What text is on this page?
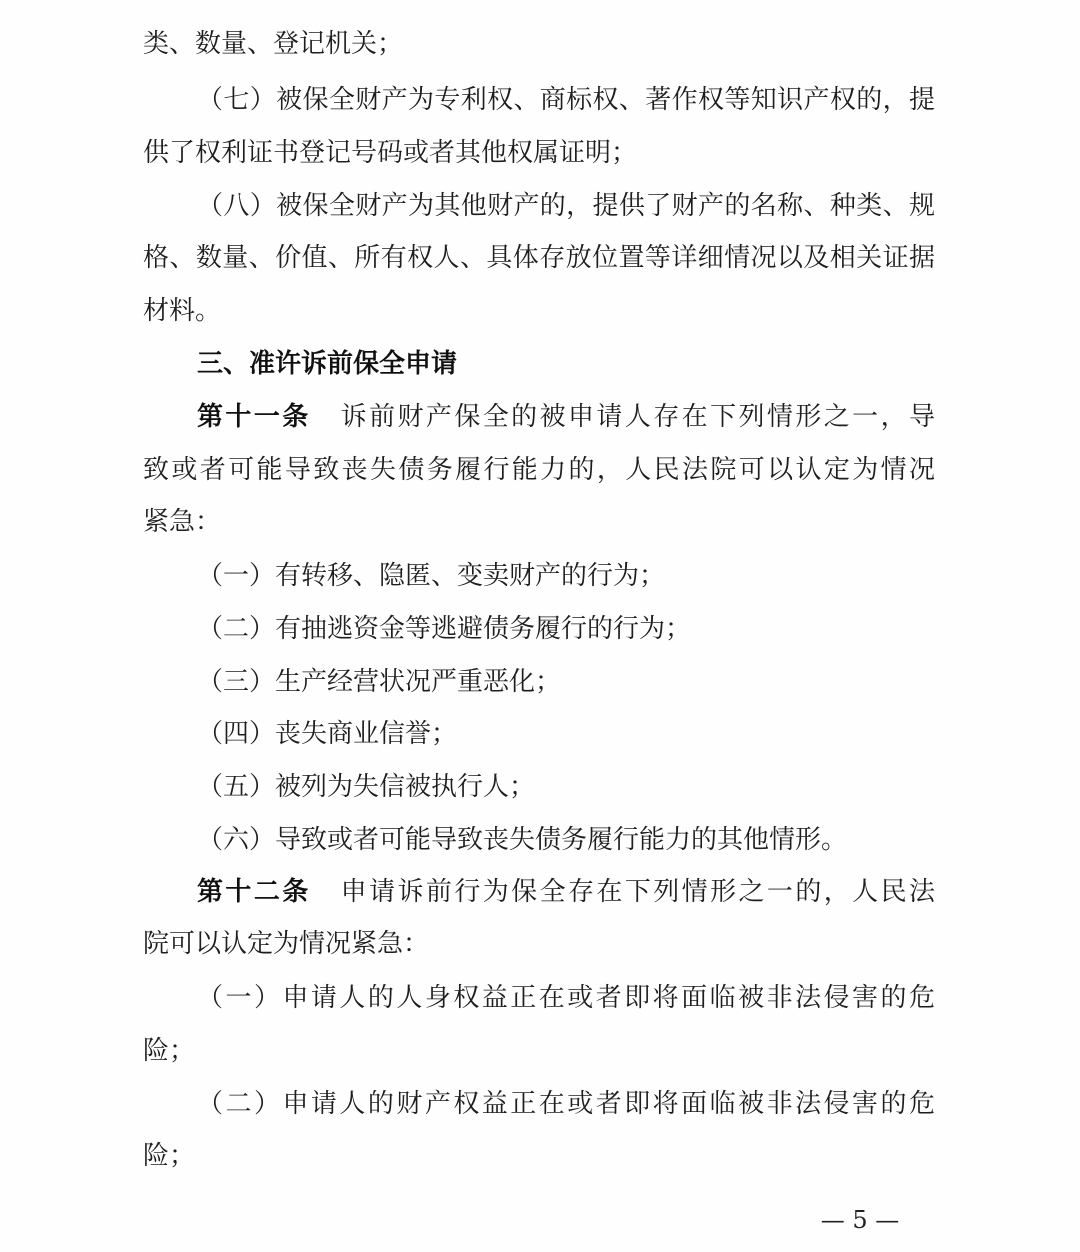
类、数量、登记机关；
（七）被保全财产为专利权、商标权、著作权等知识产权的，提
供了权利证书登记号码或者其他权属证明；
（八）被保全财产为其他财产的，提供了财产的名称、种类、规
格、数量、价值、所有权人、具体存放位置等详细情况以及相关证据
材料。
三、准许诉前保全申请
第十一条 诉前财产保全的被申请人存在下列情形之一，导
致或者可能导致丧失债务履行能力的，人民法院可以认定为情况
紧急：
（一）有转移、隐匿、变卖财产的行为；
（二）有抽逃资金等逃避债务履行的行为；
（三）生产经营状况严重恶化；
（四）丧失商业信誉；
（五）被列为失信被执行人；
（六）导致或者可能导致丧失债务履行能力的其他情形。
第十二条 申请诉前行为保全存在下列情形之一的，人民法
院可以认定为情况紧急：
（一）申请人的人身权益正在或者即将面临被非法侵害的危
险；
（二）申请人的财产权益正在或者即将面临被非法侵害的危
险；
— 5 —
